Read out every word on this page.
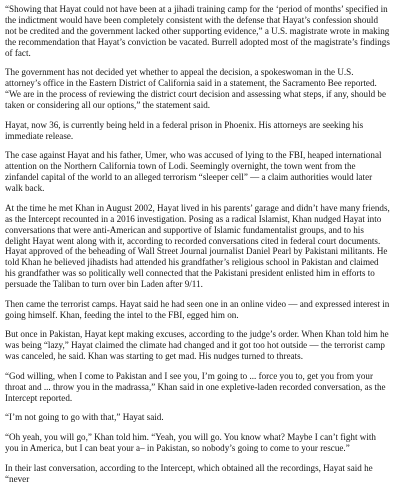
“Showing that Hayat could not have been at a jihadi training camp for the ‘period of months’ specified in the indictment would have been completely consistent with the defense that Hayat’s confession should not be credited and the government lacked other supporting evidence,” a U.S. magistrate wrote in making the recommendation that Hayat’s conviction be vacated. Burrell adopted most of the magistrate’s findings of fact.

The government has not decided yet whether to appeal the decision, a spokeswoman in the U.S. attorney’s office in the Eastern District of California said in a statement, the Sacramento Bee reported. “We are in the process of reviewing the district court decision and assessing what steps, if any, should be taken or considering all our options,” the statement said.

Hayat, now 36, is currently being held in a federal prison in Phoenix. His attorneys are seeking his immediate release.

The case against Hayat and his father, Umer, who was accused of lying to the FBI, heaped international attention on the Northern California town of Lodi. Seemingly overnight, the town went from the zinfandel capital of the world to an alleged terrorism “sleeper cell” — a claim authorities would later walk back.

At the time he met Khan in August 2002, Hayat lived in his parents’ garage and didn’t have many friends, as the Intercept recounted in a 2016 investigation. Posing as a radical Islamist, Khan nudged Hayat into conversations that were anti-American and supportive of Islamic fundamentalist groups, and to his delight Hayat went along with it, according to recorded conversations cited in federal court documents. Hayat approved of the beheading of Wall Street Journal journalist Daniel Pearl by Pakistani militants. He told Khan he believed jihadists had attended his grandfather’s religious school in Pakistan and claimed his grandfather was so politically well connected that the Pakistani president enlisted him in efforts to persuade the Taliban to turn over bin Laden after 9/11.

Then came the terrorist camps. Hayat said he had seen one in an online video — and expressed interest in going himself. Khan, feeding the intel to the FBI, egged him on.

But once in Pakistan, Hayat kept making excuses, according to the judge’s order. When Khan told him he was being “lazy,” Hayat claimed the climate had changed and it got too hot outside — the terrorist camp was canceled, he said. Khan was starting to get mad. His nudges turned to threats.

“God willing, when I come to Pakistan and I see you, I’m going to ... force you to, get you from your throat and ... throw you in the madrassa,” Khan said in one expletive-laden recorded conversation, as the Intercept reported.

“I’m not going to go with that,” Hayat said.

“Oh yeah, you will go,” Khan told him. “Yeah, you will go. You know what? Maybe I can’t fight with you in America, but I can beat your a– in Pakistan, so nobody’s going to come to your rescue.”

In their last conversation, according to the Intercept, which obtained all the recordings, Hayat said he “never
